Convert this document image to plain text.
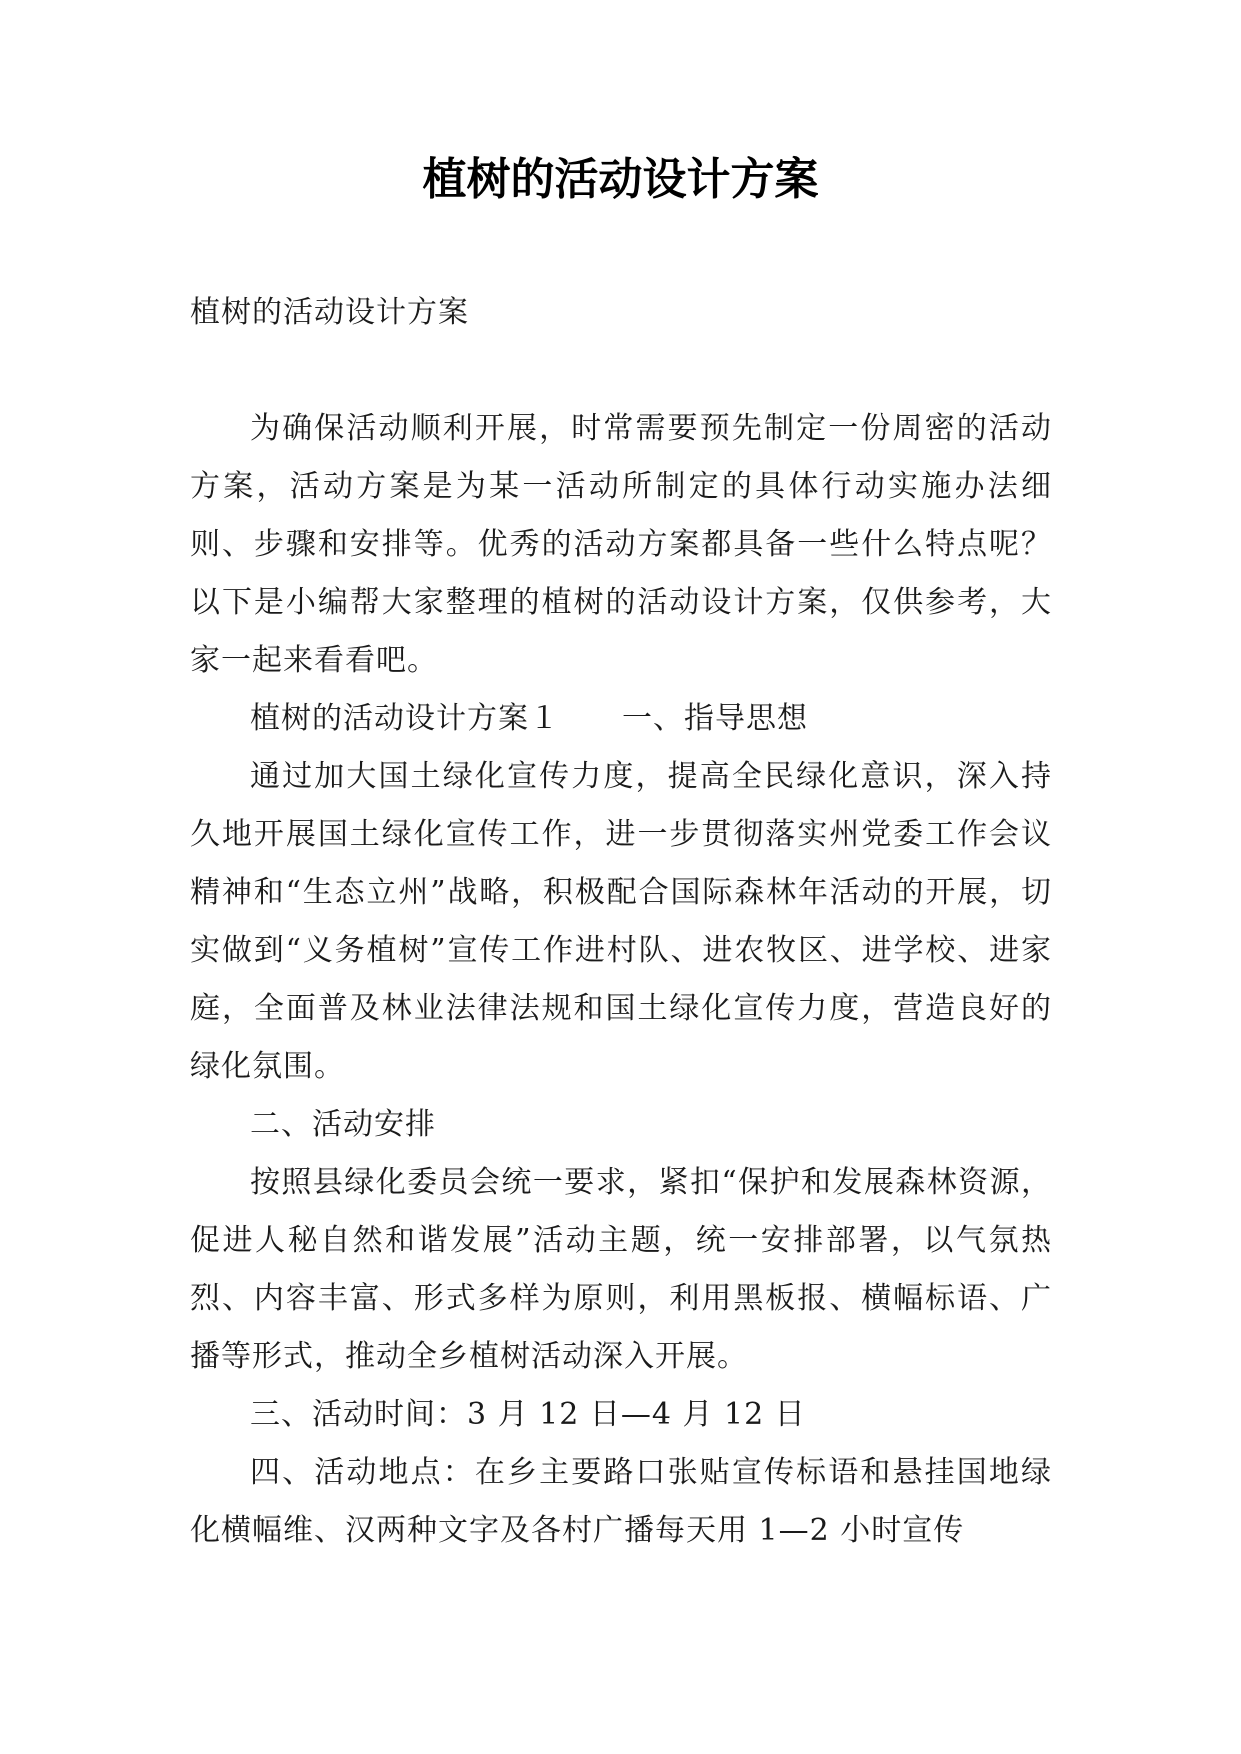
植树的活动设计方案

植树的活动设计方案

为确保活动顺利开展，时常需要预先制定一份周密的活动方案，活动方案是为某一活动所制定的具体行动实施办法细则、步骤和安排等。优秀的活动方案都具备一些什么特点呢？以下是小编帮大家整理的植树的活动设计方案，仅供参考，大家一起来看看吧。

植树的活动设计方案１　　一、指导思想

通过加大国土绿化宣传力度，提高全民绿化意识，深入持久地开展国土绿化宣传工作，进一步贯彻落实州党委工作会议精神和“生态立州”战略，积极配合国际森林年活动的开展，切实做到“义务植树”宣传工作进村队、进农牧区、进学校、进家庭，全面普及林业法律法规和国土绿化宣传力度，营造良好的绿化氛围。

二、活动安排

按照县绿化委员会统一要求，紧扣“保护和发展森林资源，促进人秘自然和谐发展”活动主题，统一安排部署，以气氛热烈、内容丰富、形式多样为原则，利用黑板报、横幅标语、广播等形式，推动全乡植树活动深入开展。

三、活动时间：3 月 12 日—4 月 12 日

四、活动地点：在乡主要路口张贴宣传标语和悬挂国地绿化横幅维、汉两种文字及各村广播每天用 1—2 小时宣传
